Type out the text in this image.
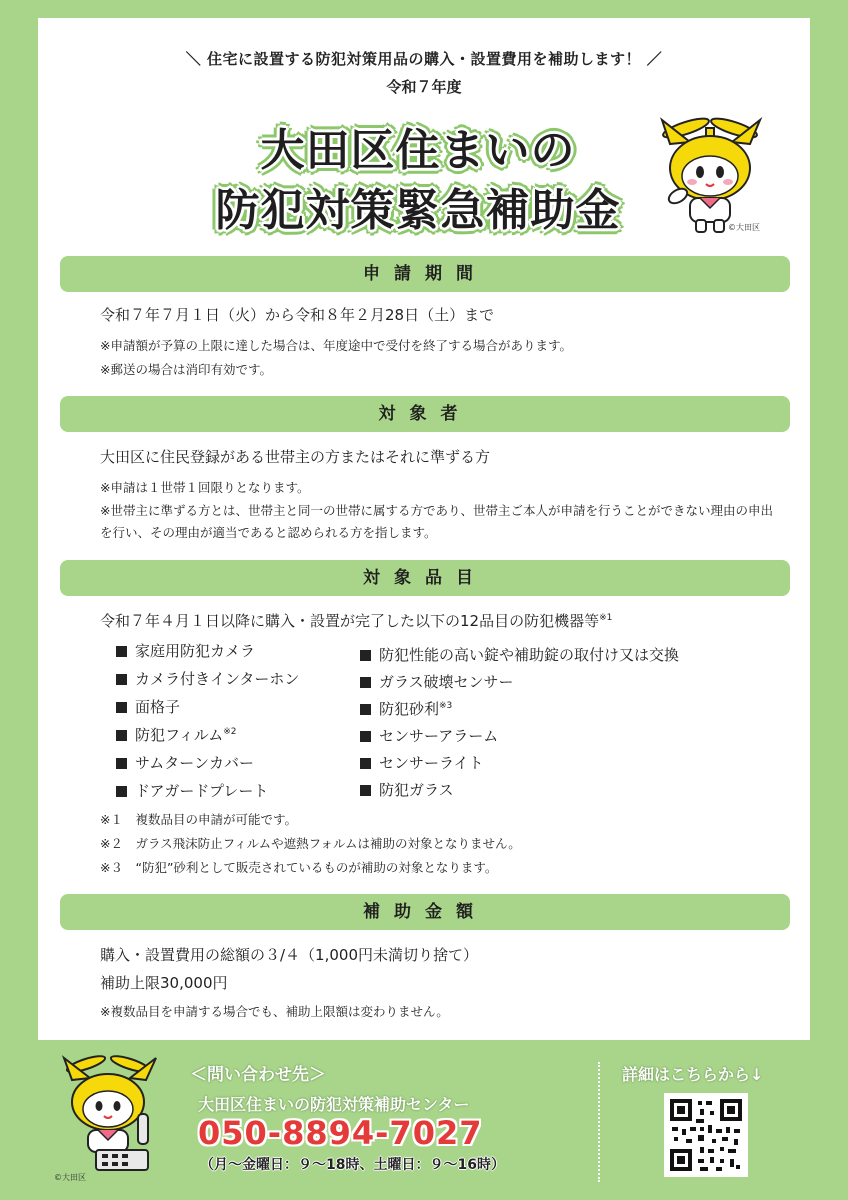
＼ 住宅に設置する防犯対策用品の購入・設置費用を補助します！ ／
令和７年度
大田区住まいの
防犯対策緊急補助金	©大田区
申請期間
令和７年７月１日（火）から令和８年２月28日（土）まで
※申請額が予算の上限に達した場合は、年度途中で受付を終了する場合があります。
※郵送の場合は消印有効です。
対象者
大田区に住民登録がある世帯主の方またはそれに準ずる方
※申請は１世帯１回限りとなります。
※世帯主に準ずる方とは、世帯主と同一の世帯に属する方であり、世帯主ご本人が申請を行うことができない理由の申出を行い、その理由が適当であると認められる方を指します。
対象品目
令和７年４月１日以降に購入・設置が完了した以下の12品目の防犯機器等$^{※1}$
家庭用防犯カメラ
カメラ付きインターホン
面格子
防犯フィルム$^{※2}$
サムターンカバー
ドアガードプレート
防犯性能の高い錠や補助錠の取付け又は交換
ガラス破壊センサー
防犯砂利$^{※3}$
センサーアラーム
センサーライト
防犯ガラス
※１　複数品目の申請が可能です。
※２　ガラス飛沫防止フィルムや遮熱フォルムは補助の対象となりません。
※３　“防犯”砂利として販売されているものが補助の対象となります。
補助金額
購入・設置費用の総額の３/４（1,000円未満切り捨て）
補助上限30,000円
※複数品目を申請する場合でも、補助上限額は変わりません。
©大田区
＜問い合わせ先＞
大田区住まいの防犯対策補助センター
050-8894-7027
（月～金曜日：９～18時、土曜日：９～16時）
詳細はこちらから↓
